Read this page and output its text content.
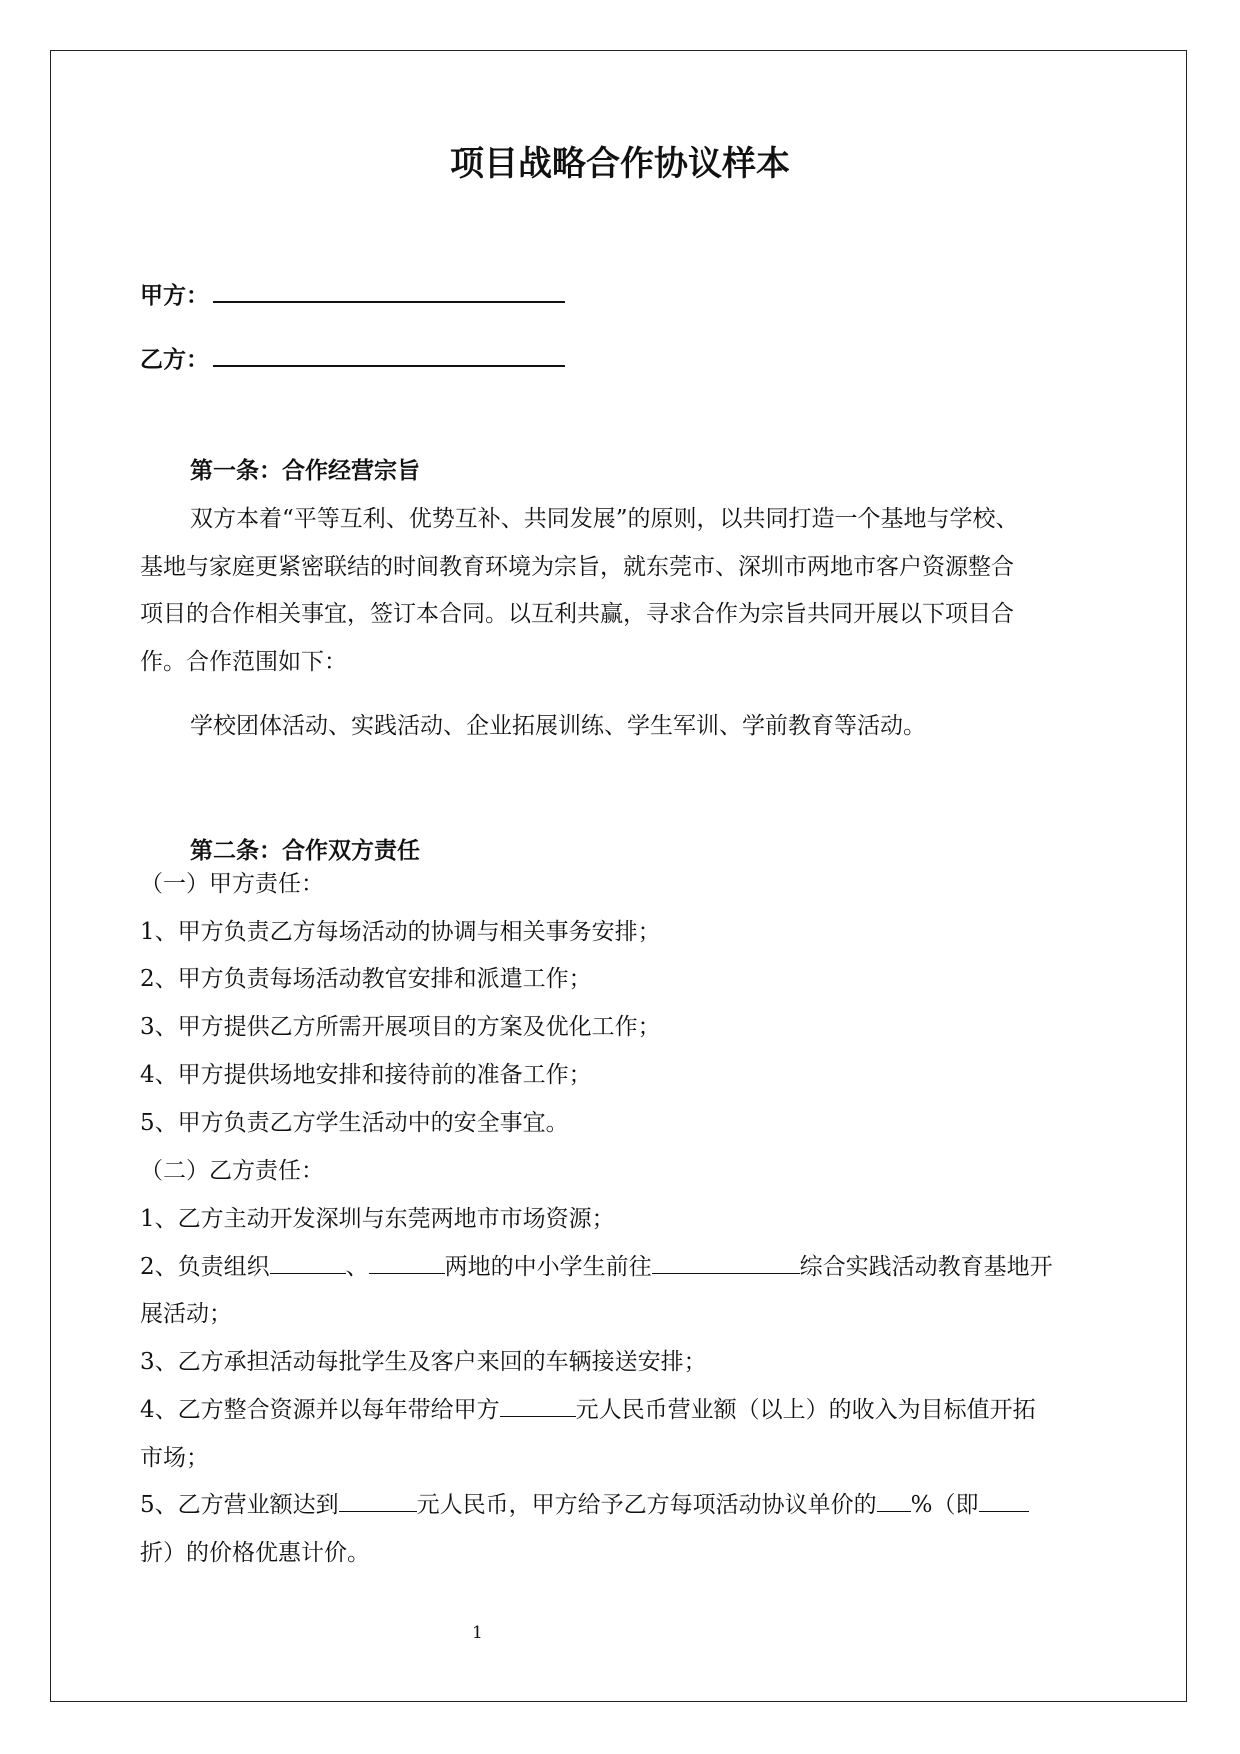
项目战略合作协议样本
甲方：
乙方：
第一条：合作经营宗旨
双方本着“平等互利、优势互补、共同发展”的原则，以共同打造一个基地与学校、
基地与家庭更紧密联结的时间教育环境为宗旨，就东莞市、深圳市两地市客户资源整合
项目的合作相关事宜，签订本合同。以互利共赢，寻求合作为宗旨共同开展以下项目合
作。合作范围如下：
学校团体活动、实践活动、企业拓展训练、学生军训、学前教育等活动。
第二条：合作双方责任
（一）甲方责任：
1、甲方负责乙方每场活动的协调与相关事务安排；
2、甲方负责每场活动教官安排和派遣工作；
3、甲方提供乙方所需开展项目的方案及优化工作；
4、甲方提供场地安排和接待前的准备工作；
5、甲方负责乙方学生活动中的安全事宜。
（二）乙方责任：
1、乙方主动开发深圳与东莞两地市市场资源；
2、负责组织	、	两地的中小学生前往	综合实践活动教育基地开
展活动；
3、乙方承担活动每批学生及客户来回的车辆接送安排；
4、乙方整合资源并以每年带给甲方	元人民币营业额（以上）的收入为目标值开拓
市场；
5、乙方营业额达到	元人民币，甲方给予乙方每项活动协议单价的 %（即
折）的价格优惠计价。
1
